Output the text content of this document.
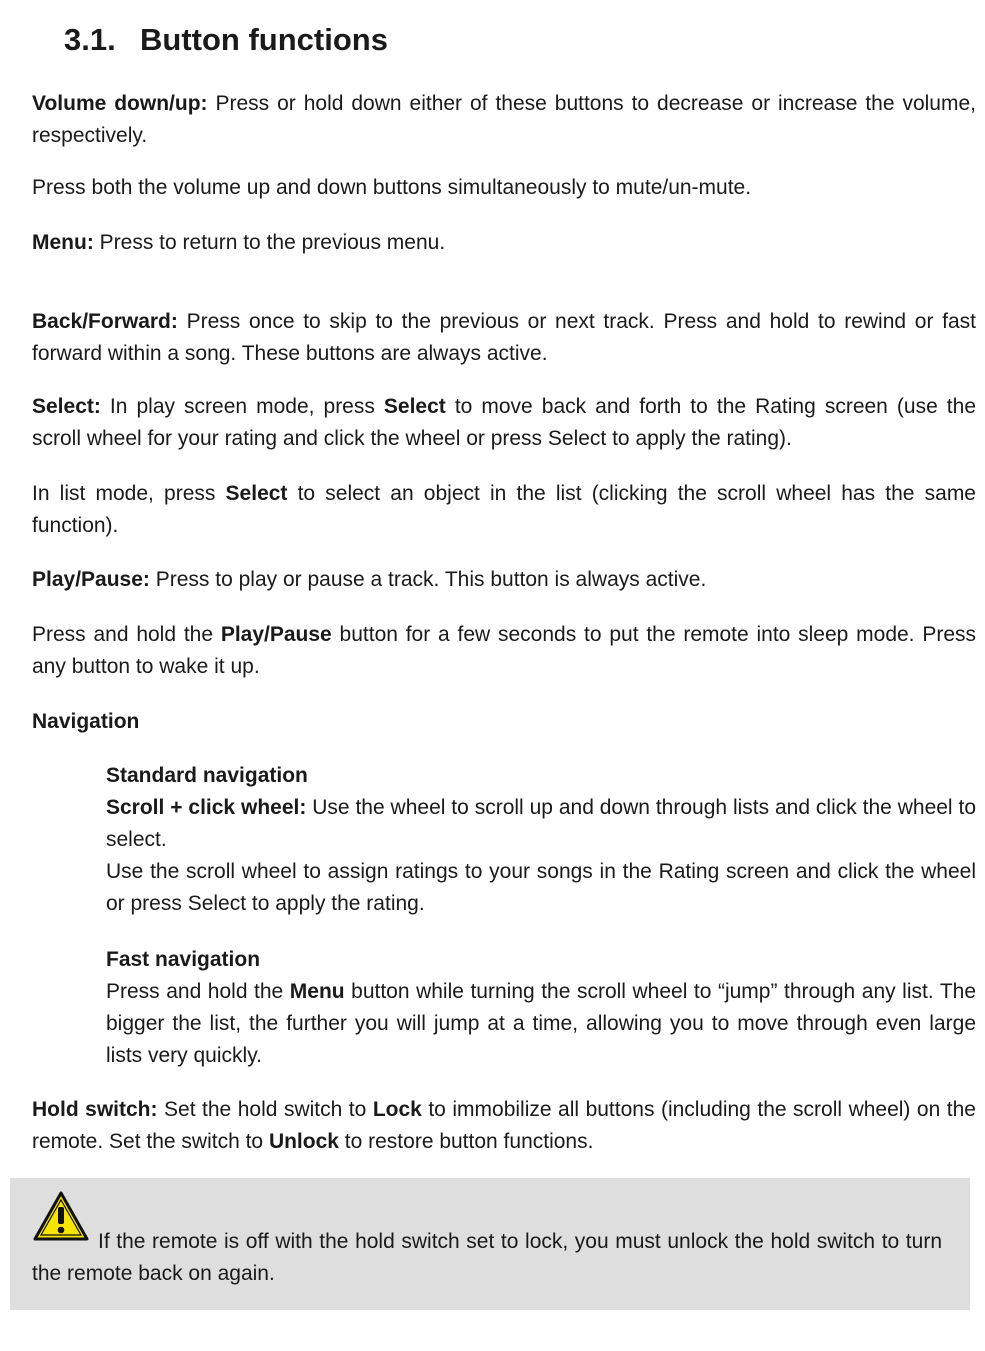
3.1. Button functions

Volume down/up: Press or hold down either of these buttons to decrease or increase the volume, respectively.

Press both the volume up and down buttons simultaneously to mute/un-mute.

Menu: Press to return to the previous menu.

Back/Forward: Press once to skip to the previous or next track. Press and hold to rewind or fast forward within a song. These buttons are always active.

Select: In play screen mode, press Select to move back and forth to the Rating screen (use the scroll wheel for your rating and click the wheel or press Select to apply the rating).

In list mode, press Select to select an object in the list (clicking the scroll wheel has the same function).

Play/Pause: Press to play or pause a track. This button is always active.

Press and hold the Play/Pause button for a few seconds to put the remote into sleep mode. Press any button to wake it up.

Navigation

Standard navigation
Scroll + click wheel: Use the wheel to scroll up and down through lists and click the wheel to select.
Use the scroll wheel to assign ratings to your songs in the Rating screen and click the wheel or press Select to apply the rating.
Fast navigation
Press and hold the Menu button while turning the scroll wheel to “jump” through any list. The bigger the list, the further you will jump at a time, allowing you to move through even large lists very quickly.

Hold switch: Set the hold switch to Lock to immobilize all buttons (including the scroll wheel) on the remote. Set the switch to Unlock to restore button functions.

If the remote is off with the hold switch set to lock, you must unlock the hold switch to turn the remote back on again.
